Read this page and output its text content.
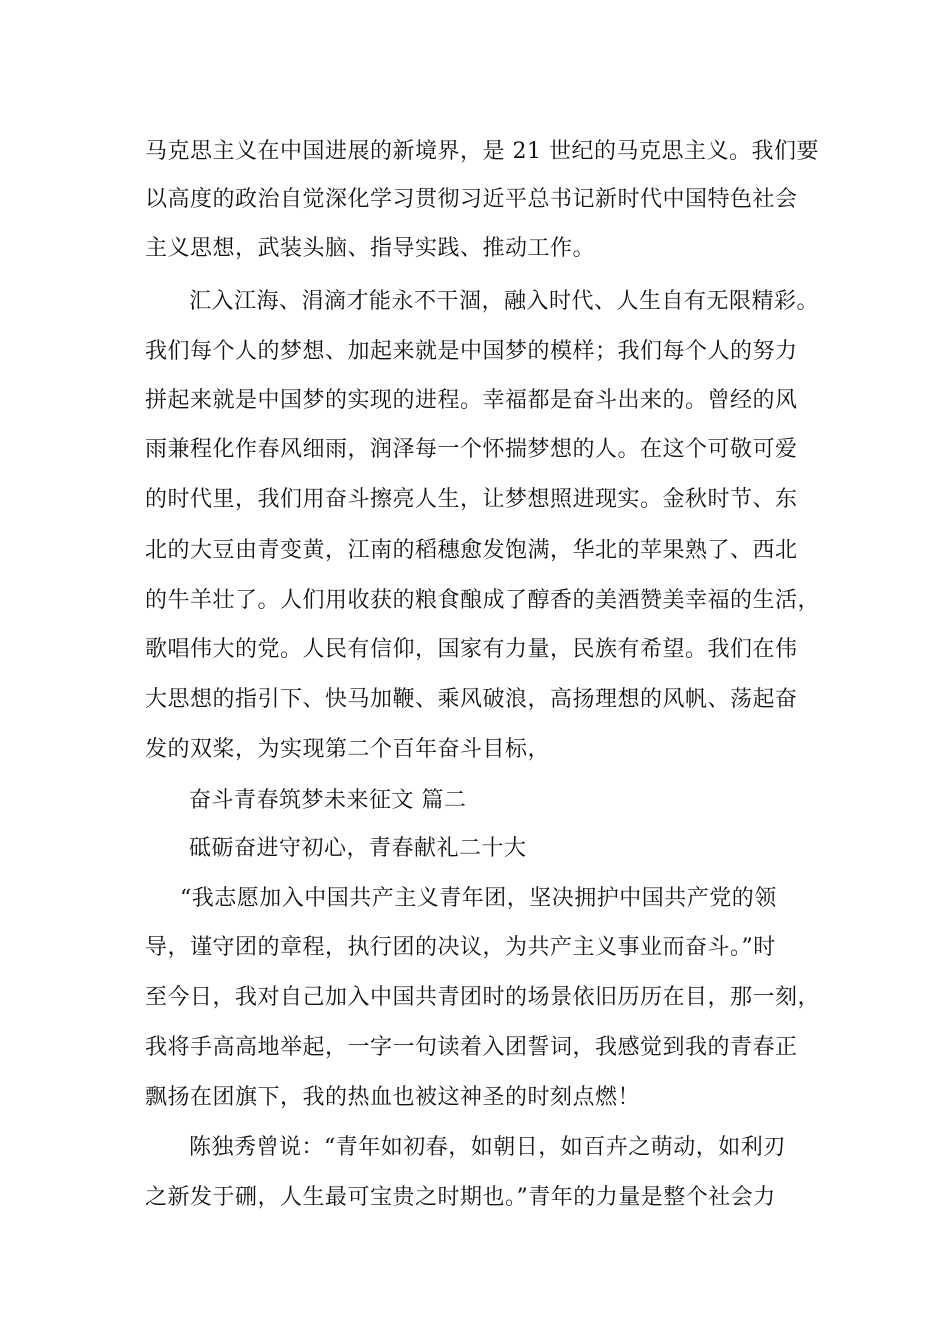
马克思主义在中国进展的新境界，是 21 世纪的马克思主义。我们要
以高度的政治自觉深化学习贯彻习近平总书记新时代中国特色社会
主义思想，武装头脑、指导实践、推动工作。
汇入江海、涓滴才能永不干涸，融入时代、人生自有无限精彩。
我们每个人的梦想、加起来就是中国梦的模样；我们每个人的努力
拼起来就是中国梦的实现的进程。幸福都是奋斗出来的。曾经的风
雨兼程化作春风细雨，润泽每一个怀揣梦想的人。在这个可敬可爱
的时代里，我们用奋斗擦亮人生，让梦想照进现实。金秋时节、东
北的大豆由青变黄，江南的稻穗愈发饱满，华北的苹果熟了、西北
的牛羊壮了。人们用收获的粮食酿成了醇香的美酒赞美幸福的生活，
歌唱伟大的党。人民有信仰，国家有力量，民族有希望。我们在伟
大思想的指引下、快马加鞭、乘风破浪，高扬理想的风帆、荡起奋
发的双桨，为实现第二个百年奋斗目标，
奋斗青春筑梦未来征文 篇二
砥砺奋进守初心，青春献礼二十大
“我志愿加入中国共产主义青年团，坚决拥护中国共产党的领
导，谨守团的章程，执行团的决议，为共产主义事业而奋斗。”时
至今日，我对自己加入中国共青团时的场景依旧历历在目，那一刻，
我将手高高地举起，一字一句读着入团誓词，我感觉到我的青春正
飘扬在团旗下，我的热血也被这神圣的时刻点燃！
陈独秀曾说：“青年如初春，如朝日，如百卉之萌动，如利刃
之新发于硎，人生最可宝贵之时期也。”青年的力量是整个社会力
